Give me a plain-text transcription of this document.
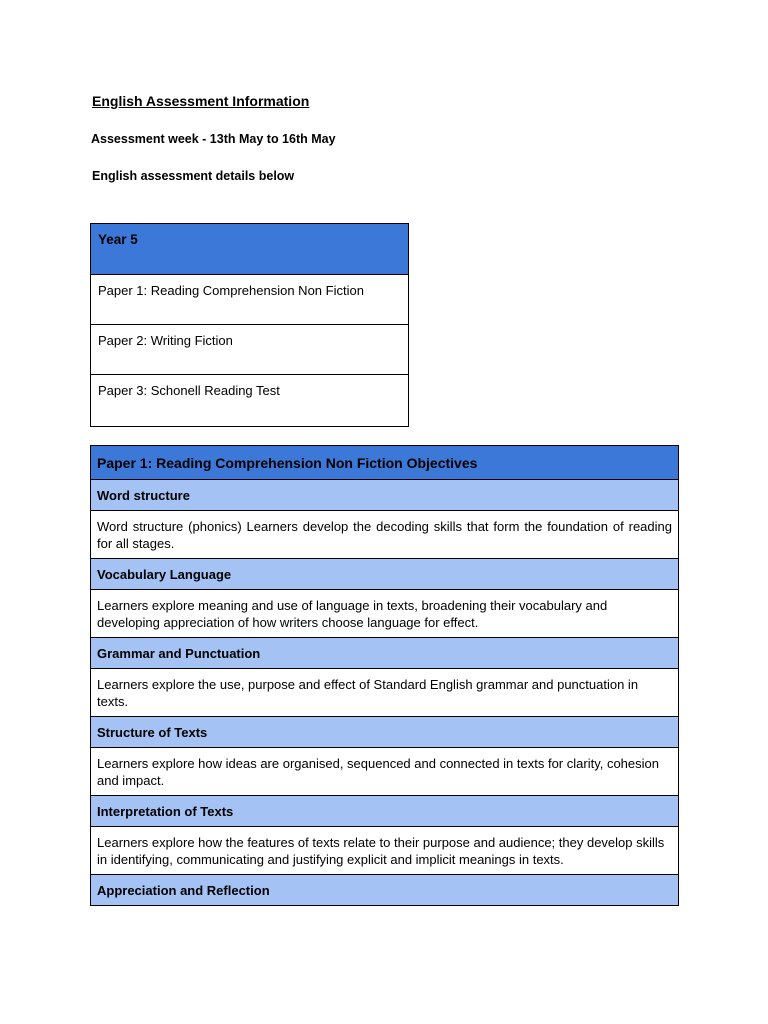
English Assessment Information
Assessment week - 13th May to 16th May
English assessment details below
Year 5
Paper 1: Reading Comprehension Non Fiction
Paper 2: Writing Fiction
Paper 3: Schonell Reading Test
Paper 1: Reading Comprehension Non Fiction Objectives
Word structure
Word structure (phonics) Learners develop the decoding skills that form the foundation of reading for all stages.
Vocabulary Language
Learners explore meaning and use of language in texts, broadening their vocabulary and developing appreciation of how writers choose language for effect.
Grammar and Punctuation
Learners explore the use, purpose and effect of Standard English grammar and punctuation in texts.
Structure of Texts
Learners explore how ideas are organised, sequenced and connected in texts for clarity, cohesion and impact.
Interpretation of Texts
Learners explore how the features of texts relate to their purpose and audience; they develop skills in identifying, communicating and justifying explicit and implicit meanings in texts.
Appreciation and Reflection
